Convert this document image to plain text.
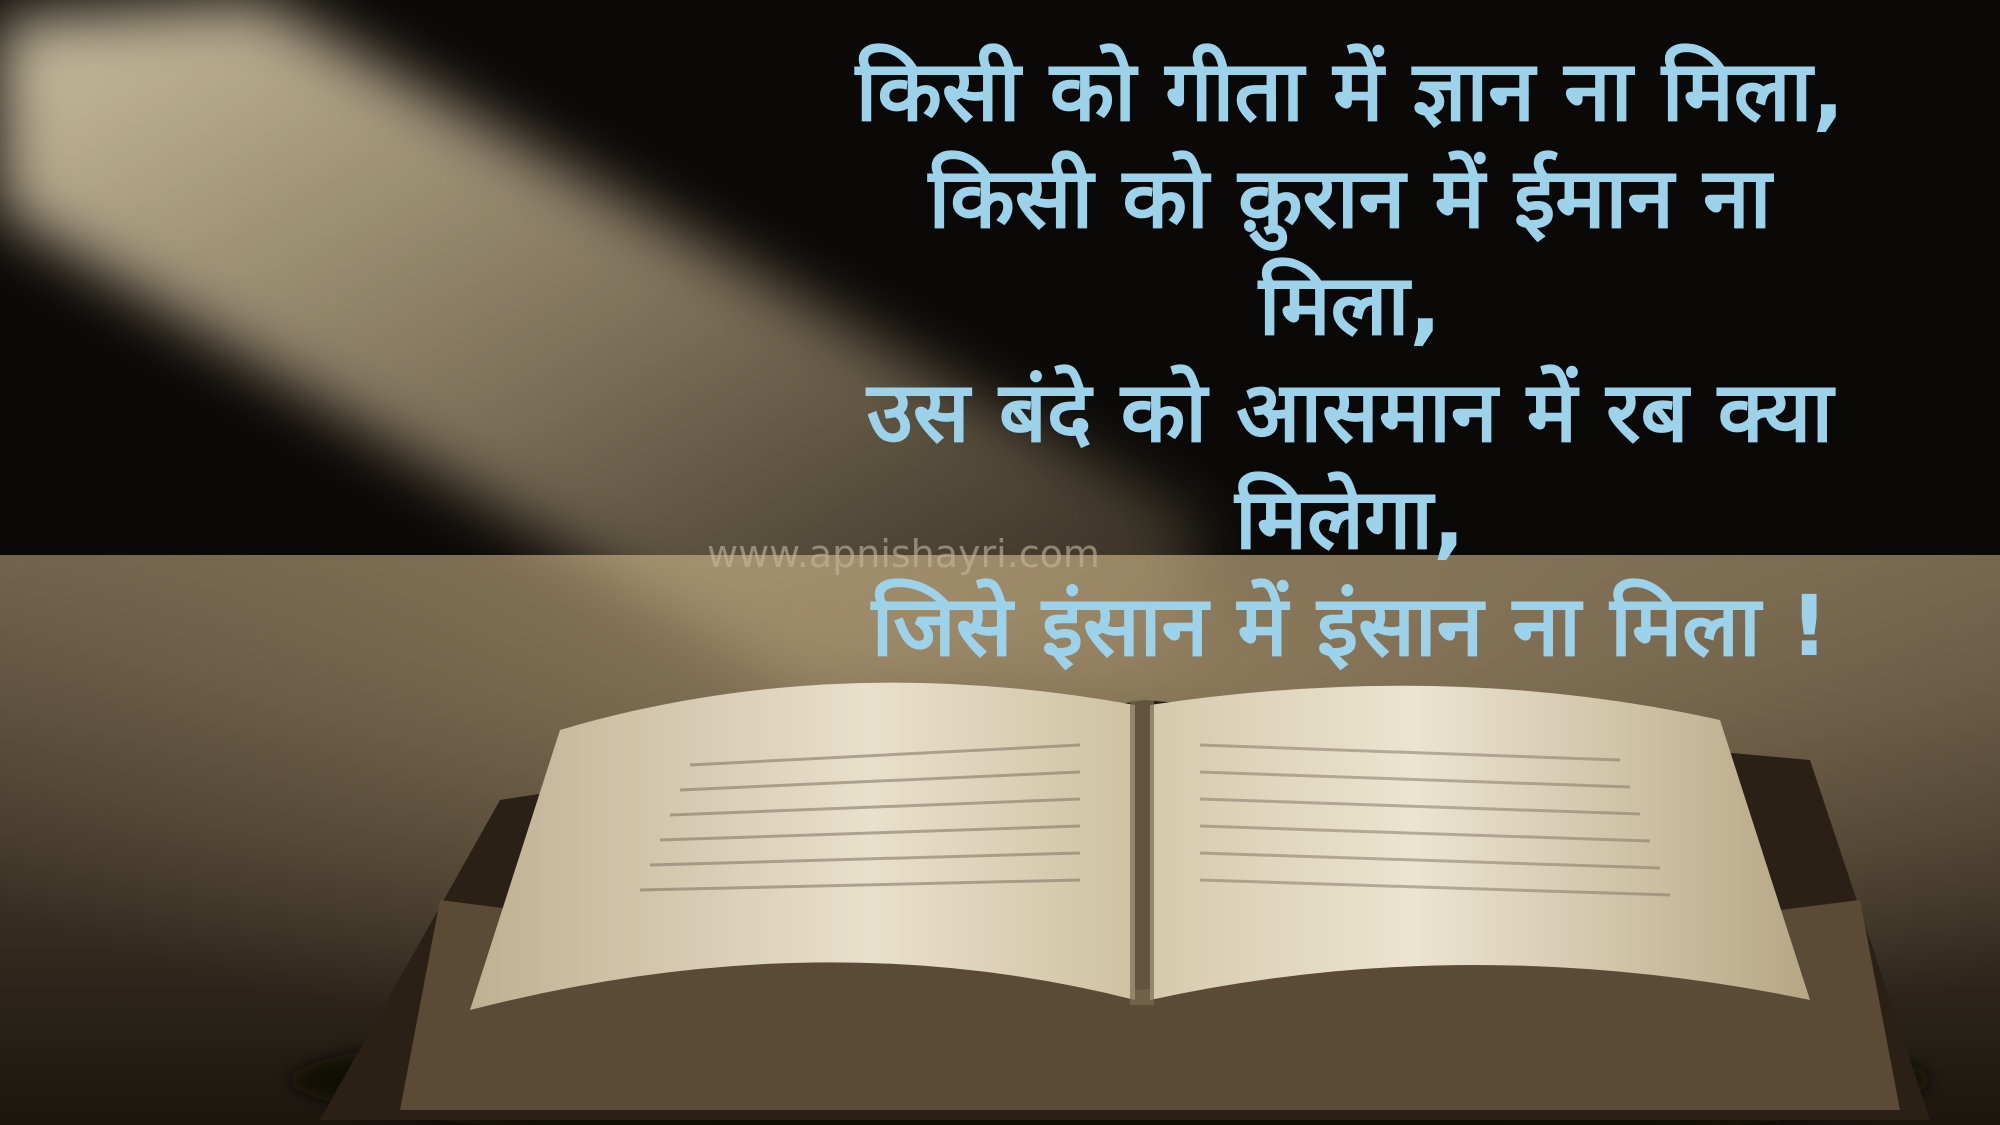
www.apnishayri.com

किसी को गीता में ज्ञान ना मिला,
किसी को क़ुरान में ईमान ना
मिला,
उस बंदे को आसमान में रब क्या
मिलेगा,
जिसे इंसान में इंसान ना मिला !
